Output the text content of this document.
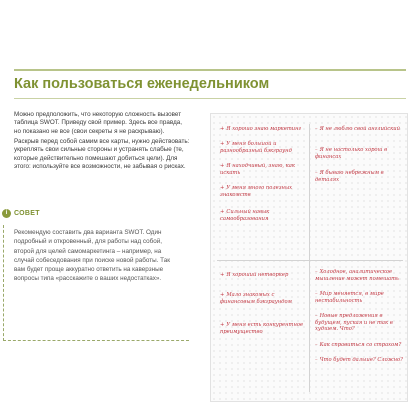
Как пользоваться еженедельником
Можно предположить, что некоторую сложность вызовет таблица SWOT. Приведу свой пример. Здесь все правда, но показано не все (свои секреты я не раскрываю).
Раскрыв перед собой самим все карты, нужно действовать: укреплять свои сильные стороны и устранять слабые (те, которые действительно помешают добиться цели). Для этого: используйте все возможности, не забывая о рисках.
i СОВЕТ
Рекомендую составить два варианта SWOT. Один подробный и откровенный, для работы над собой, второй для целей самомаркетинга – например, на случай собеседования при поиске новой работы. Так вам будет проще аккуратно ответить на каверзные вопросы типа «расскажите о ваших недостатках».
+ Я хорошо знаю маркетинг
+ У меня большой и разнообразный бэкграунд
+ Я находчивый, знаю, как искать
+ У меня много полезных знакомств
+ Сильный навык самообразования
– Я не люблю свой английский
– Я не настолько хорош в финансах
– Я бываю небрежным в деталях
+ Я хороший нетворкер
+ Мало знакомых с финансовым бэкграундом
+ У меня есть конкурентное преимущество
– Холодное, аналитическое мышление может помешать
– Мир меняется, в мире нестабильность
– Новые предложения в будущем, пуская и не так в худшем. Что?
– Как справиться со страхом?
– Что будет дальше? Сложно?
